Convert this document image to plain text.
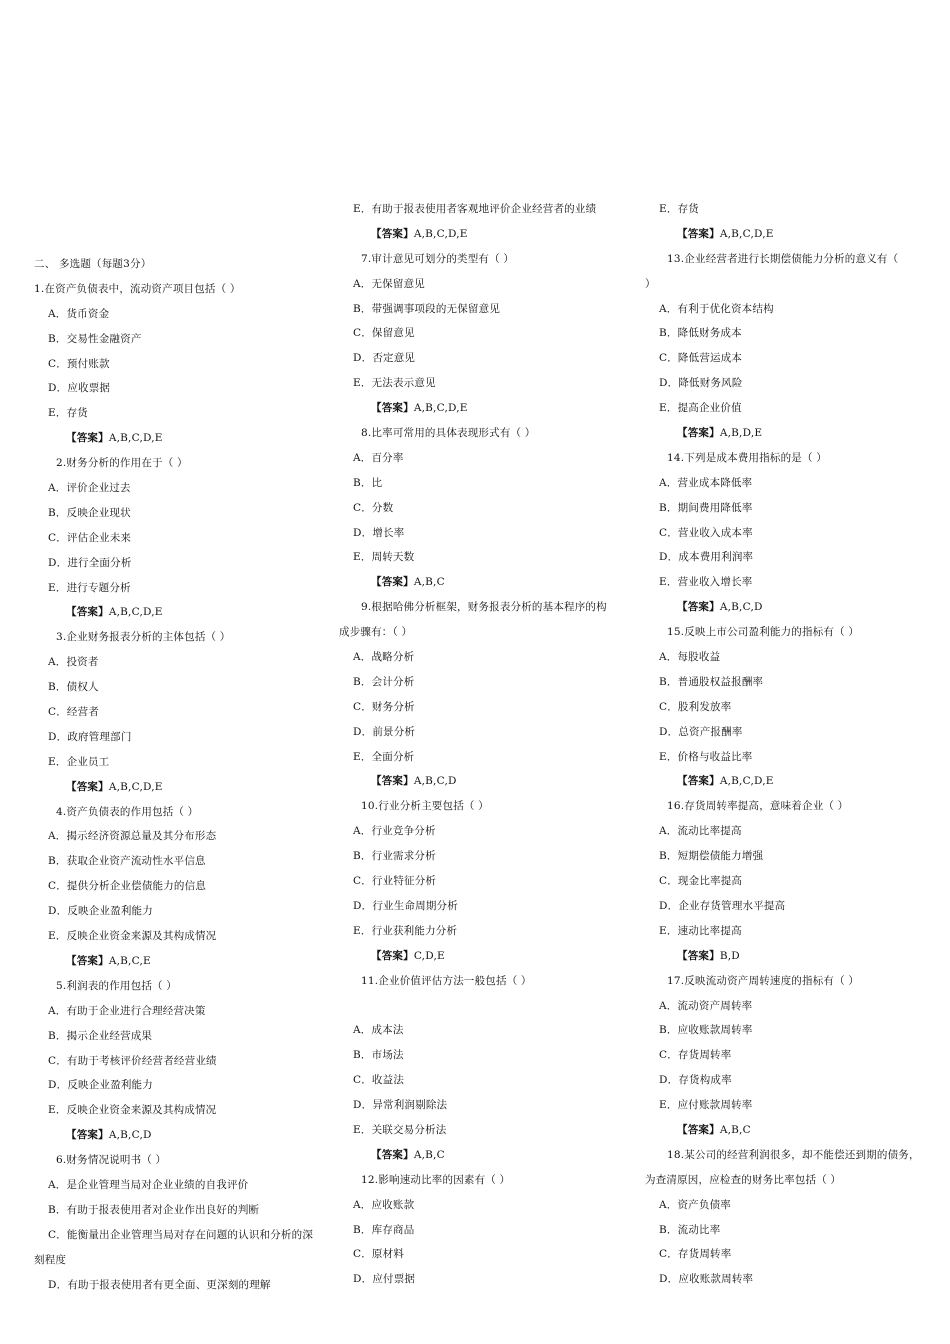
二、 多选题（每题3分）
1.在资产负债表中，流动资产项目包括（ ）
A．货币资金
B．交易性金融资产
C．预付账款
D．应收票据
E．存货
【答案】A,B,C,D,E
2.财务分析的作用在于（ ）
A．评价企业过去
B．反映企业现状
C．评估企业未来
D．进行全面分析
E．进行专题分析
【答案】A,B,C,D,E
3.企业财务报表分析的主体包括（ ）
A．投资者
B．债权人
C．经营者
D．政府管理部门
E．企业员工
【答案】A,B,C,D,E
4.资产负债表的作用包括（ ）
A．揭示经济资源总量及其分布形态
B．获取企业资产流动性水平信息
C．提供分析企业偿债能力的信息
D．反映企业盈利能力
E．反映企业资金来源及其构成情况
【答案】A,B,C,E
5.利润表的作用包括（ ）
A．有助于企业进行合理经营决策
B．揭示企业经营成果
C．有助于考核评价经营者经营业绩
D．反映企业盈利能力
E．反映企业资金来源及其构成情况
【答案】A,B,C,D
6.财务情况说明书（ ）
A．是企业管理当局对企业业绩的自我评价
B．有助于报表使用者对企业作出良好的判断
C．能衡量出企业管理当局对存在问题的认识和分析的深
刻程度
D．有助于报表使用者有更全面、更深刻的理解
E．有助于报表使用者客观地评价企业经营者的业绩
【答案】A,B,C,D,E
7.审计意见可划分的类型有（ ）
A．无保留意见
B．带强调事项段的无保留意见
C．保留意见
D．否定意见
E．无法表示意见
【答案】A,B,C,D,E
8.比率可常用的具体表现形式有（ ）
A．百分率
B．比
C．分数
D．增长率
E．周转天数
【答案】A,B,C
9.根据哈佛分析框架，财务报表分析的基本程序的构
成步骤有：（ ）
A．战略分析
B．会计分析
C．财务分析
D．前景分析
E．全面分析
【答案】A,B,C,D
10.行业分析主要包括（ ）
A．行业竞争分析
B．行业需求分析
C．行业特征分析
D．行业生命周期分析
E．行业获利能力分析
【答案】C,D,E
11.企业价值评估方法一般包括（ ）
A．成本法
B．市场法
C．收益法
D．异常利润剔除法
E．关联交易分析法
【答案】A,B,C
12.影响速动比率的因素有（ ）
A．应收账款
B．库存商品
C．原材料
D．应付票据
E．存货
【答案】A,B,C,D,E
13.企业经营者进行长期偿债能力分析的意义有（
）
A．有利于优化资本结构
B．降低财务成本
C．降低营运成本
D．降低财务风险
E．提高企业价值
【答案】A,B,D,E
14.下列是成本费用指标的是（ ）
A．营业成本降低率
B．期间费用降低率
C．营业收入成本率
D．成本费用利润率
E．营业收入增长率
【答案】A,B,C,D
15.反映上市公司盈利能力的指标有（ ）
A．每股收益
B．普通股权益报酬率
C．股利发放率
D．总资产报酬率
E．价格与收益比率
【答案】A,B,C,D,E
16.存货周转率提高，意味着企业（ ）
A．流动比率提高
B．短期偿债能力增强
C．现金比率提高
D．企业存货管理水平提高
E．速动比率提高
【答案】B,D
17.反映流动资产周转速度的指标有（ ）
A．流动资产周转率
B．应收账款周转率
C．存货周转率
D．存货构成率
E．应付账款周转率
【答案】A,B,C
18.某公司的经营利润很多，却不能偿还到期的债务，
为查清原因，应检查的财务比率包括（ ）
A．资产负债率
B．流动比率
C．存货周转率
D．应收账款周转率
